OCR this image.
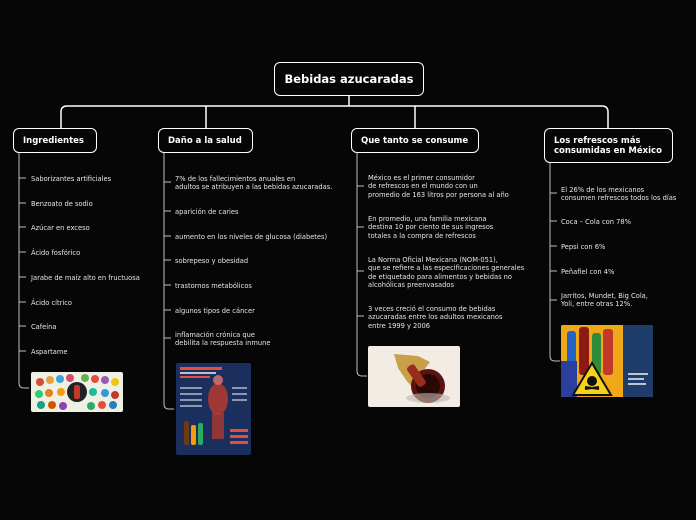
Bebidas azucaradas
Ingredientes	Daño a la salud	Que tanto se consume	Los refrescos más
consumidas en México
Saborizantes artificiales
Benzoato de sodio
Azúcar en exceso
Ácido fosfórico
Jarabe de maíz alto en fructuosa
Ácido cítrico
Cafeína
Aspartame
7% de los fallecimientos anuales en
adultos se atribuyen a las bebidas azucaradas.
aparición de caries
aumento en los niveles de glucosa (diabetes)
sobrepeso y obesidad
trastornos metabólicos
algunos tipos de cáncer
inflamación crónica que
debilita la respuesta inmune
México es el primer consumidor
de refrescos en el mundo con un
promedio de 163 litros por persona al año
En promedio, una familia mexicana
destina 10 por ciento de sus ingresos
totales a la compra de refrescos
La Norma Oficial Mexicana (NOM-051),
que se refiere a las especificaciones generales
de etiquetado para alimentos y bebidas no
alcohólicas preenvasados
3 veces creció el consumo de bebidas
azucaradas entre los adultos mexicanos
entre 1999 y 2006
El 26% de los mexicanos
consumen refrescos todos los días
Coca – Cola con 78%
Pepsi con 6%
Peñafiel con 4%
Jarritos, Mundet, Big Cola,
Yoli, entre otras 12%.
